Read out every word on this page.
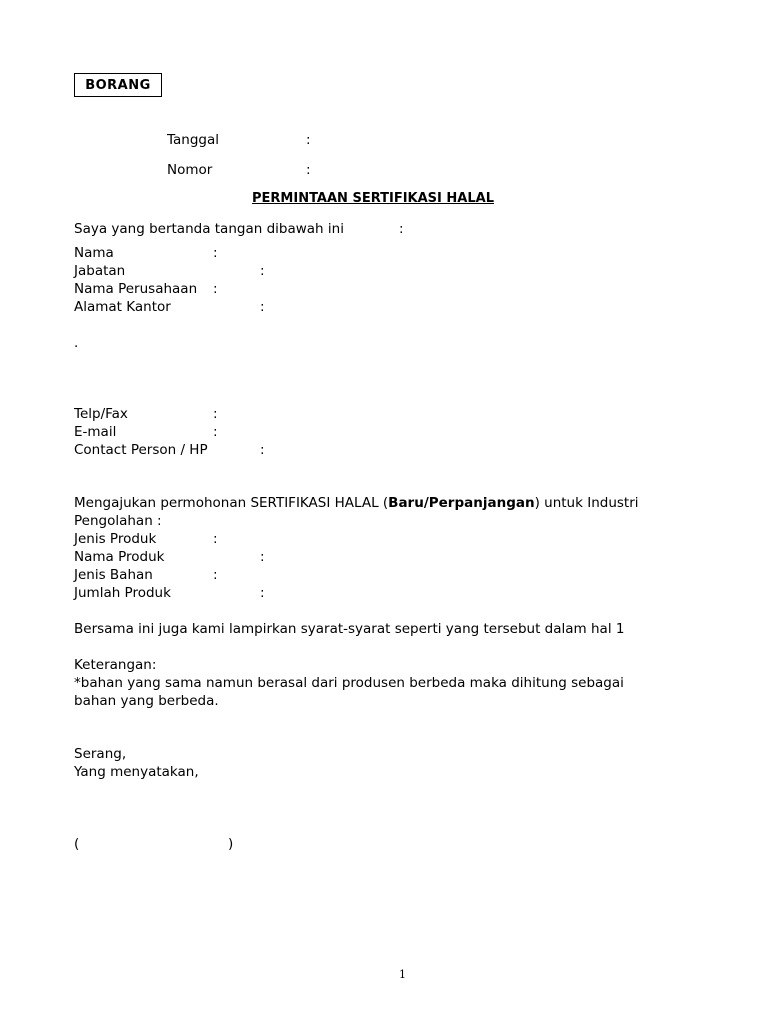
BORANG
Tanggal	:
Nomor	:
PERMINTAAN SERTIFIKASI HALAL
Saya yang bertanda tangan dibawah ini	:
Nama	:
Jabatan	:
Nama Perusahaan :
Alamat Kantor	:
.
Telp/Fax	:
E-mail	:
Contact Person / HP	:
Mengajukan permohonan SERTIFIKASI HALAL (Baru/Perpanjangan) untuk Industri
Pengolahan :
Jenis Produk	:
Nama Produk	:
Jenis Bahan	:
Jumlah Produk	:
Bersama ini juga kami lampirkan syarat-syarat seperti yang tersebut dalam hal 1
Keterangan:
*bahan yang sama namun berasal dari produsen berbeda maka dihitung sebagai
bahan yang berbeda.
Serang,
Yang menyatakan,
(	)
1
